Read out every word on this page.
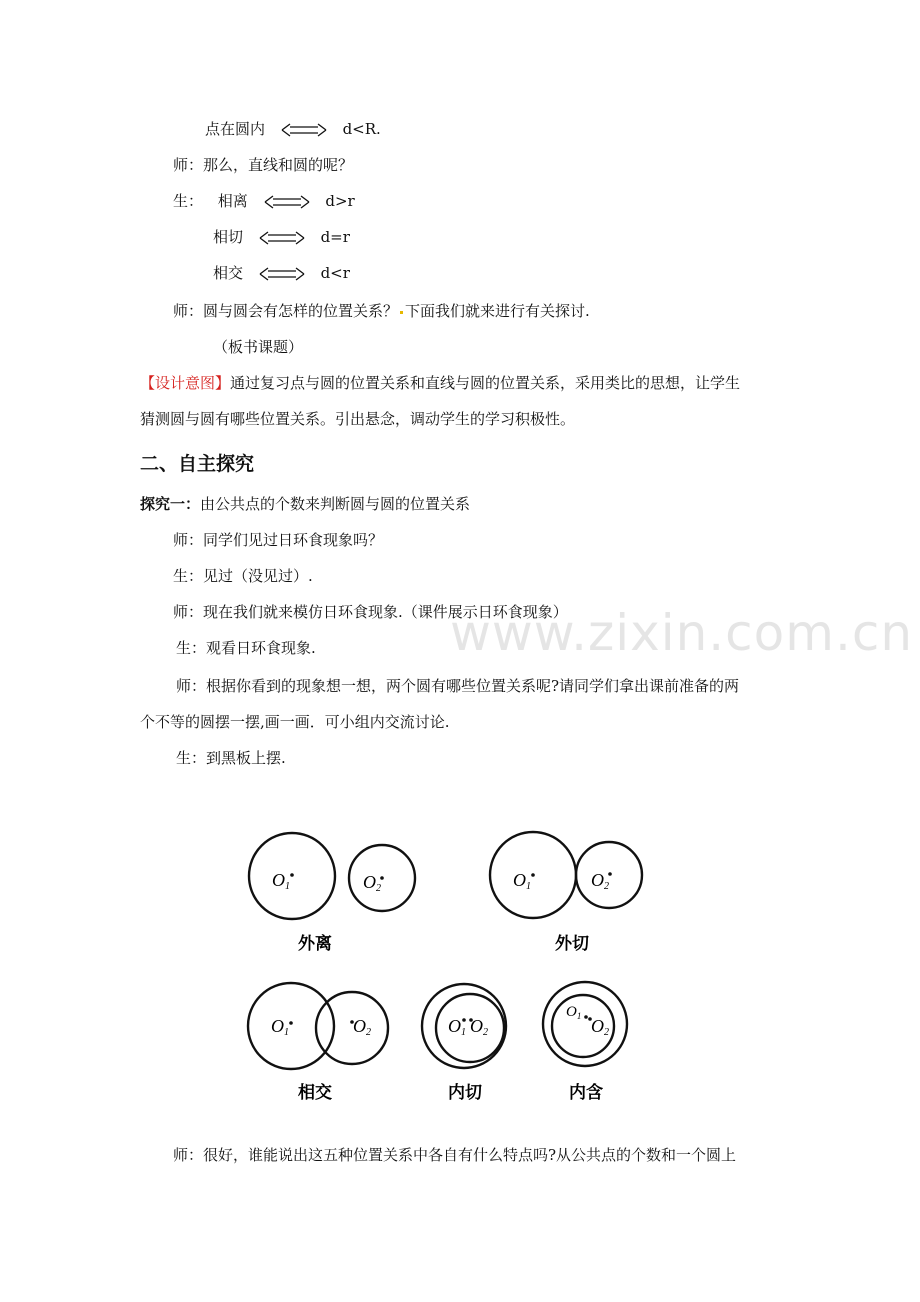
www.zixin.com.cn
点在圆内	d<R.
师：那么，直线和圆的呢？
生： 相离	d>r
相切	d=r
相交	d<r
师：圆与圆会有怎样的位置关系？ 下面我们就来进行有关探讨.
（板书课题）
【设计意图】通过复习点与圆的位置关系和直线与圆的位置关系，采用类比的思想，让学生
猜测圆与圆有哪些位置关系。引出悬念，调动学生的学习积极性。
二、自主探究
探究一：由公共点的个数来判断圆与圆的位置关系
师：同学们见过日环食现象吗？
生：见过（没见过）.
师：现在我们就来模仿日环食现象.（课件展示日环食现象）
生：观看日环食现象.
师：根据你看到的现象想一想，两个圆有哪些位置关系呢?请同学们拿出课前准备的两
个不等的圆摆一摆,画一画．可小组内交流讨论.
生：到黑板上摆.
O1	O2	O1	O2
O1	O2	O1 O2
$O_1$ O2
外离	外切
相交	内切	内含
师：很好，谁能说出这五种位置关系中各自有什么特点吗?从公共点的个数和一个圆上
